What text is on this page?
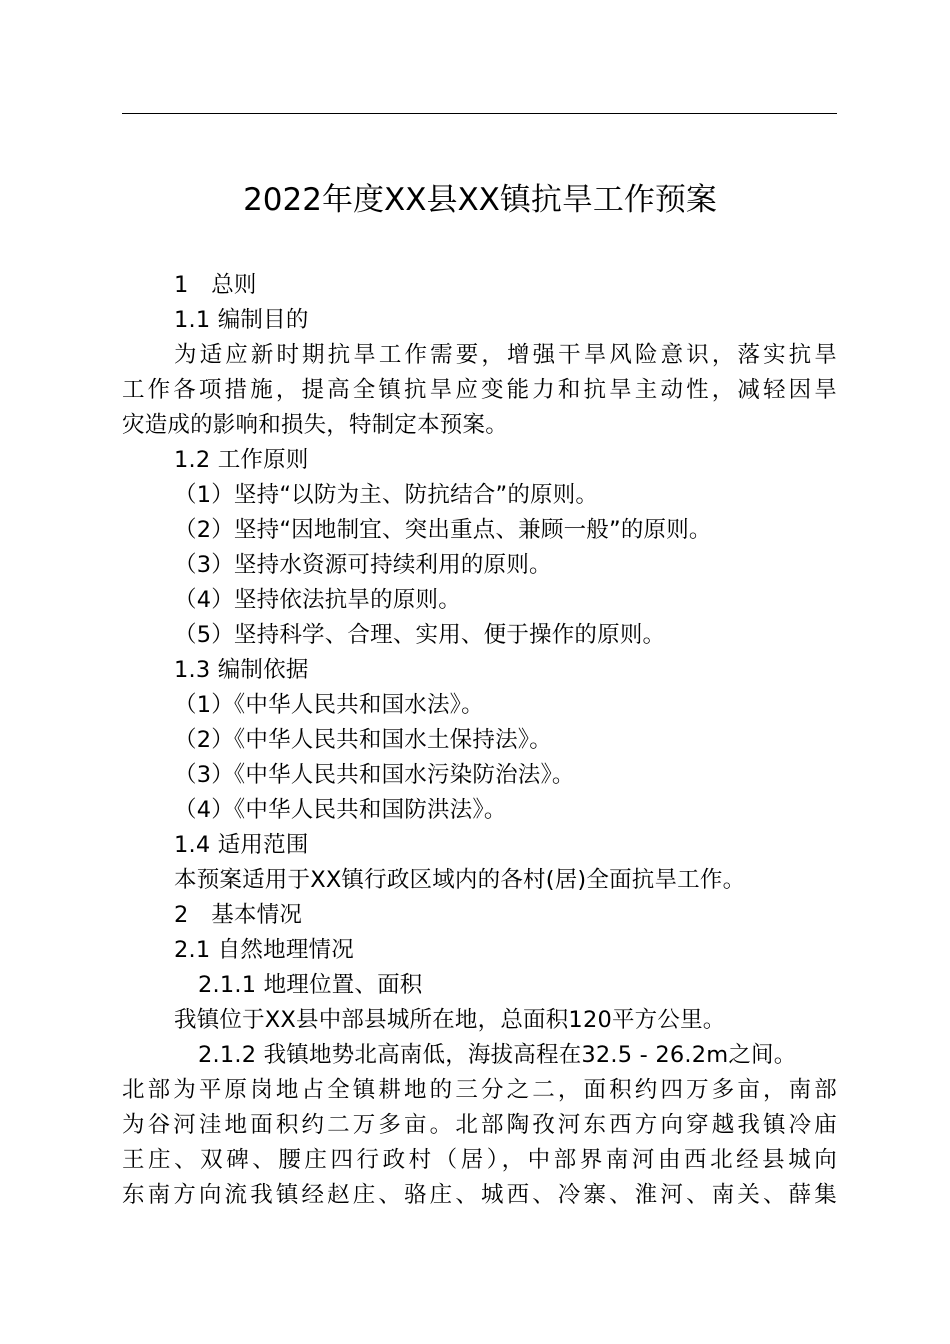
2022年度XX县XX镇抗旱工作预案
1　总则
1.1 编制目的
为适应新时期抗旱工作需要，增强干旱风险意识，落实抗旱
工作各项措施，提高全镇抗旱应变能力和抗旱主动性，减轻因旱
灾造成的影响和损失，特制定本预案。
1.2 工作原则
（1）坚持“以防为主、防抗结合”的原则。
（2）坚持“因地制宜、突出重点、兼顾一般”的原则。
（3）坚持水资源可持续利用的原则。
（4）坚持依法抗旱的原则。
（5）坚持科学、合理、实用、便于操作的原则。
1.3 编制依据
（1）《中华人民共和国水法》。
（2）《中华人民共和国水土保持法》。
（3）《中华人民共和国水污染防治法》。
（4）《中华人民共和国防洪法》。
1.4 适用范围
本预案适用于XX镇行政区域内的各村(居)全面抗旱工作。
2　基本情况
2.1 自然地理情况
2.1.1 地理位置、面积
我镇位于XX县中部县城所在地，总面积120平方公里。
2.1.2 我镇地势北高南低，海拔高程在32.5 - 26.2m之间。
北部为平原岗地占全镇耕地的三分之二，面积约四万多亩，南部
为谷河洼地面积约二万多亩。北部陶孜河东西方向穿越我镇冷庙
王庄、双碑、腰庄四行政村（居），中部界南河由西北经县城向
东南方向流我镇经赵庄、骆庄、城西、冷寨、淮河、南关、薛集
